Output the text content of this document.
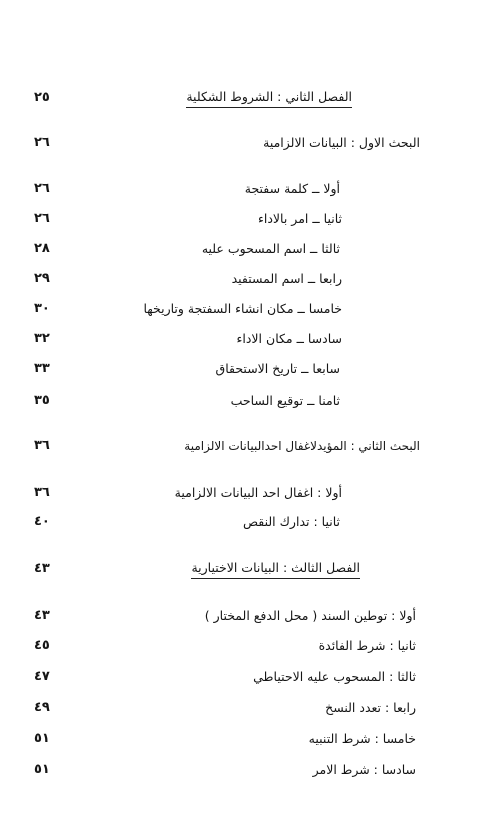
٢٥	الفصل الثاني : الشروط الشكلية
٢٦	البحث الاول : البيانات الالزامية
٢٦	أولا ــ كلمة سفتجة
٢٦	ثانيا ــ امر بالاداء
٢٨	ثالثا ــ اسم المسحوب عليه
٢٩	رابعا ــ اسم المستفيد
٣٠	خامسا ــ مكان انشاء السفتجة وتاريخها
٣٢	سادسا ــ مكان الاداء
٣٣	سابعا ــ تاريخ الاستحقاق
٣٥	ثامنا ــ توقيع الساحب
٣٦	البحث الثاني : المؤيدلاغفال احدالبيانات الالزامية
٣٦	أولا : اغفال احد البيانات الالزامية
٤٠	ثانيا : تدارك النقص
٤٣	الفصل الثالث : البيانات الاختيارية
٤٣	أولا : توطين السند ( محل الدفع المختار )
٤٥	ثانيا : شرط الفائدة
٤٧	ثالثا : المسحوب عليه الاحتياطي
٤٩	رابعا : تعدد النسخ
٥١	خامسا : شرط التنبيه
٥١	سادسا : شرط الامر
